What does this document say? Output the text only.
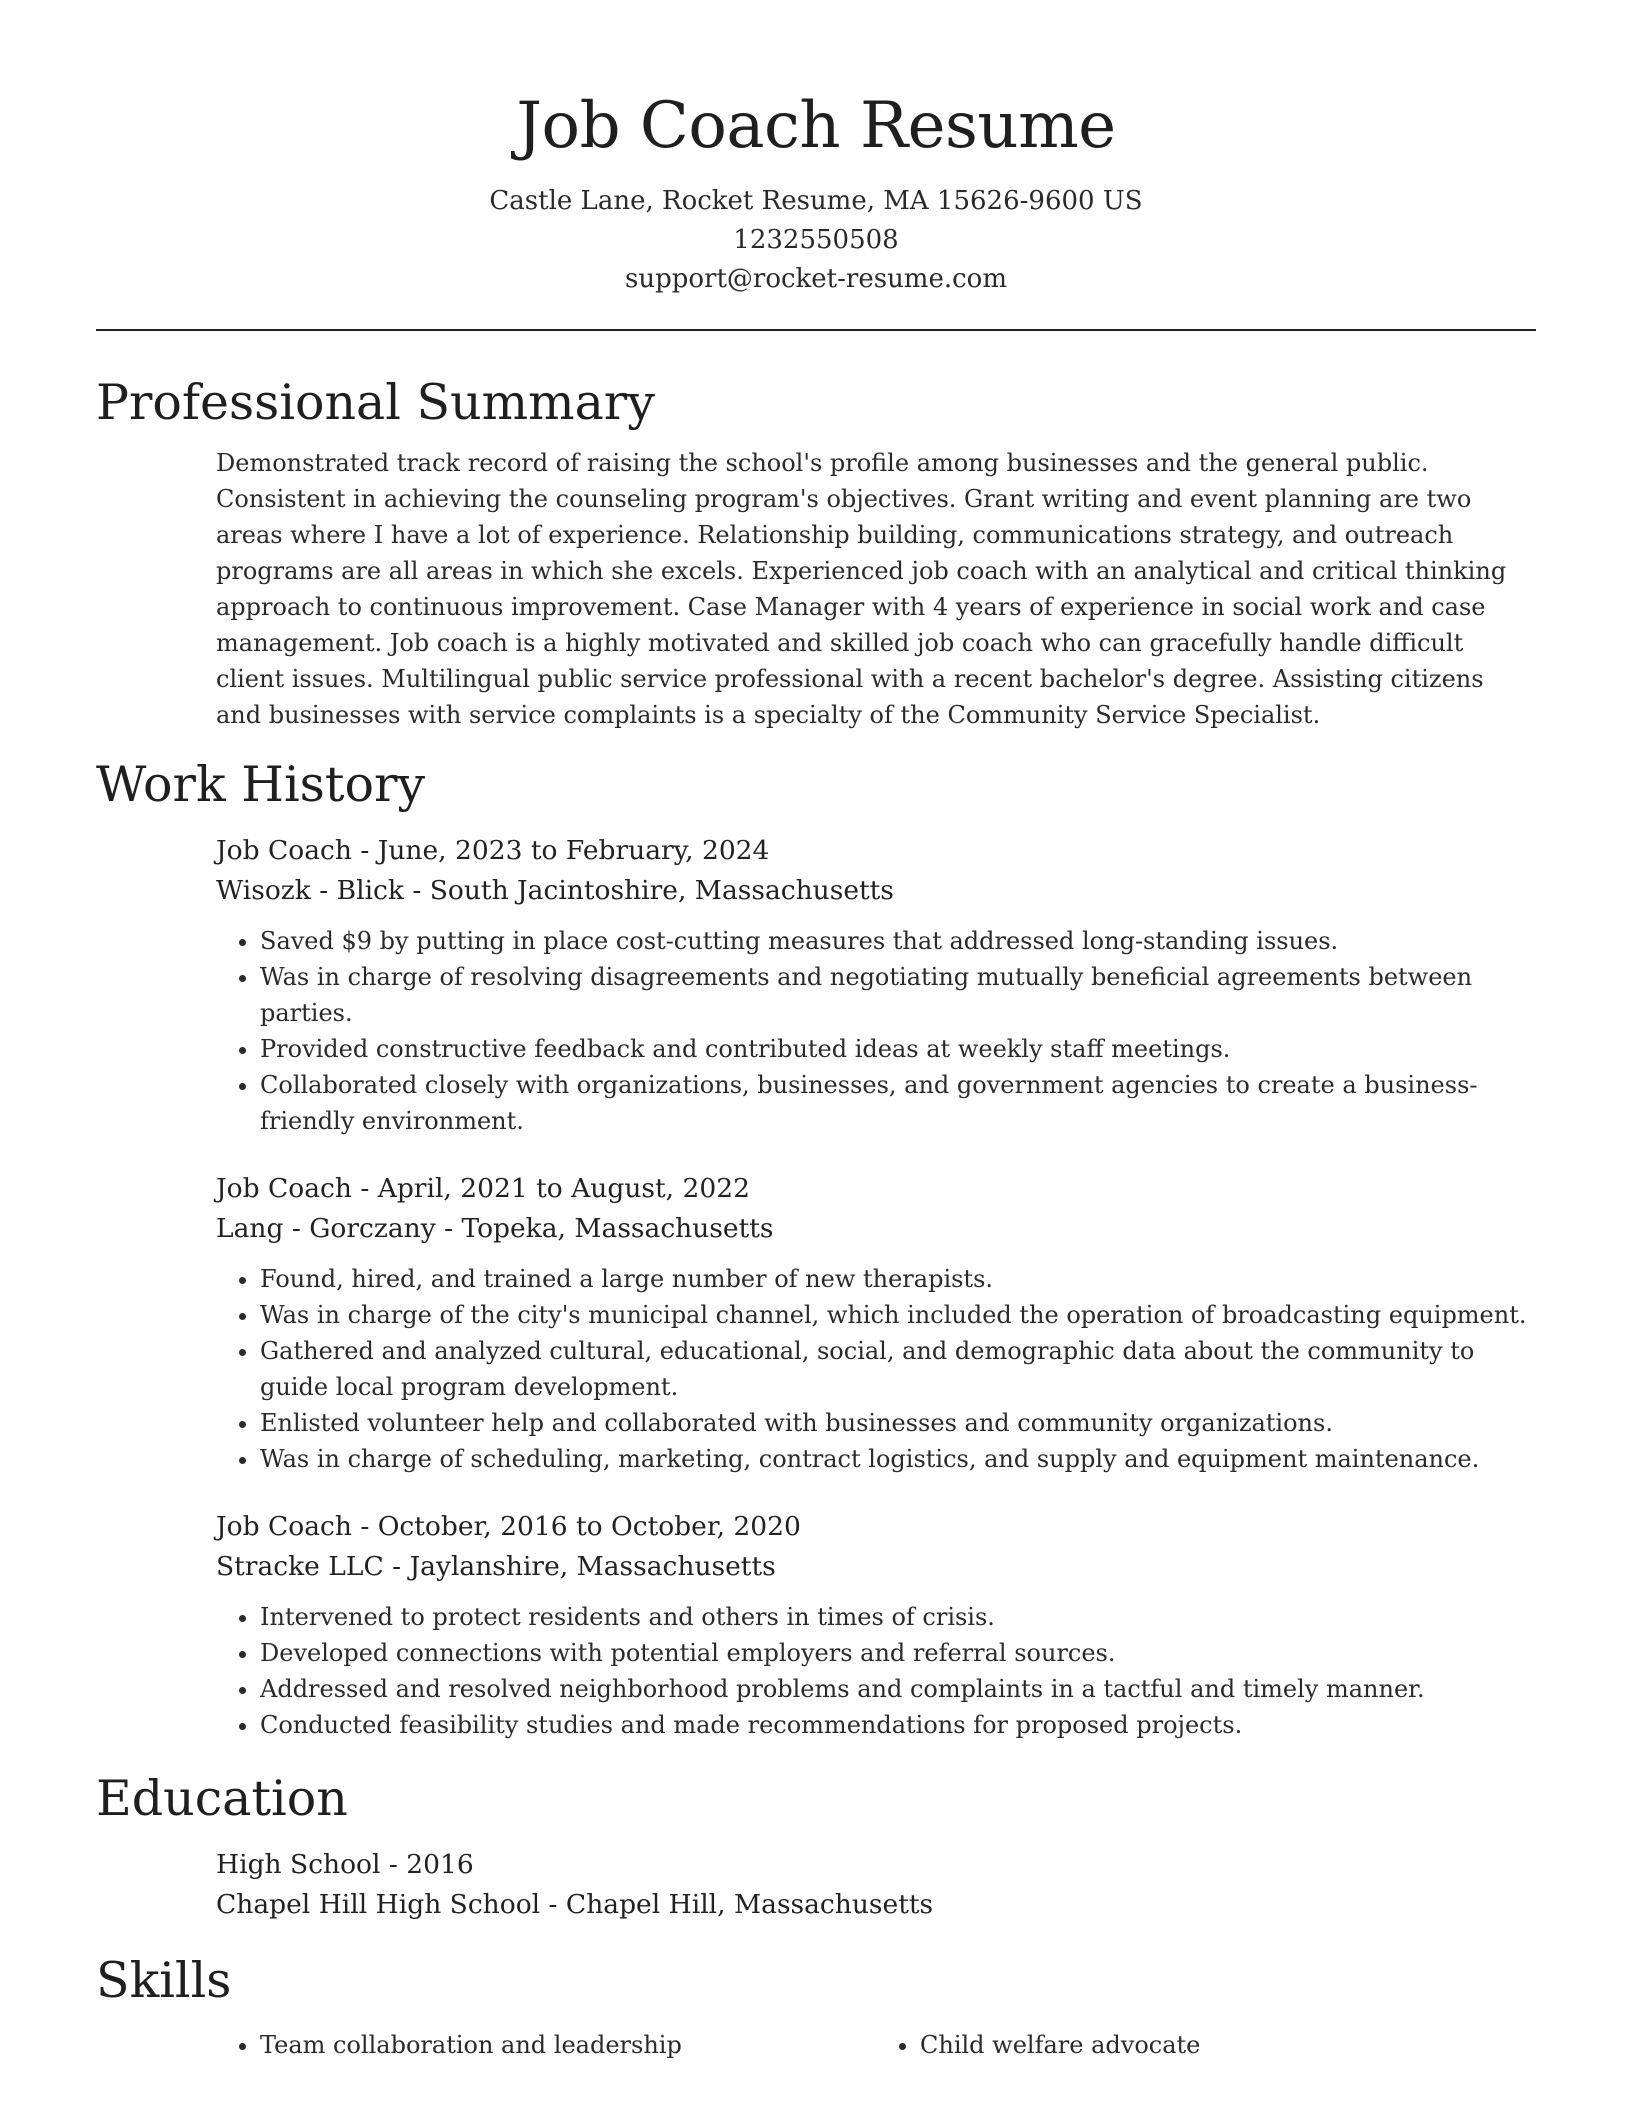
Job Coach Resume
Castle Lane, Rocket Resume, MA 15626-9600 US
1232550508
support@rocket-resume.com
Professional Summary

Demonstrated track record of raising the school's profile among businesses and the general public. Consistent in achieving the counseling program's objectives. Grant writing and event planning are two areas where I have a lot of experience. Relationship building, communications strategy, and outreach programs are all areas in which she excels. Experienced job coach with an analytical and critical thinking approach to continuous improvement. Case Manager with 4 years of experience in social work and case management. Job coach is a highly motivated and skilled job coach who can gracefully handle difficult client issues. Multilingual public service professional with a recent bachelor's degree. Assisting citizens and businesses with service complaints is a specialty of the Community Service Specialist.

Work History
Job Coach - June, 2023 to February, 2024
Wisozk - Blick - South Jacintoshire, Massachusetts
• Saved $9 by putting in place cost-cutting measures that addressed long-standing issues.
• Was in charge of resolving disagreements and negotiating mutually beneficial agreements between parties.
• Provided constructive feedback and contributed ideas at weekly staff meetings.
• Collaborated closely with organizations, businesses, and government agencies to create a business-friendly environment.
Job Coach - April, 2021 to August, 2022
Lang - Gorczany - Topeka, Massachusetts
• Found, hired, and trained a large number of new therapists.
• Was in charge of the city's municipal channel, which included the operation of broadcasting equipment.
• Gathered and analyzed cultural, educational, social, and demographic data about the community to guide local program development.
• Enlisted volunteer help and collaborated with businesses and community organizations.
• Was in charge of scheduling, marketing, contract logistics, and supply and equipment maintenance.
Job Coach - October, 2016 to October, 2020
Stracke LLC - Jaylanshire, Massachusetts
• Intervened to protect residents and others in times of crisis.
• Developed connections with potential employers and referral sources.
• Addressed and resolved neighborhood problems and complaints in a tactful and timely manner.
• Conducted feasibility studies and made recommendations for proposed projects.
Education
High School - 2016
Chapel Hill High School - Chapel Hill, Massachusetts
Skills
• Team collaboration and leadership
•	Child welfare advocate
